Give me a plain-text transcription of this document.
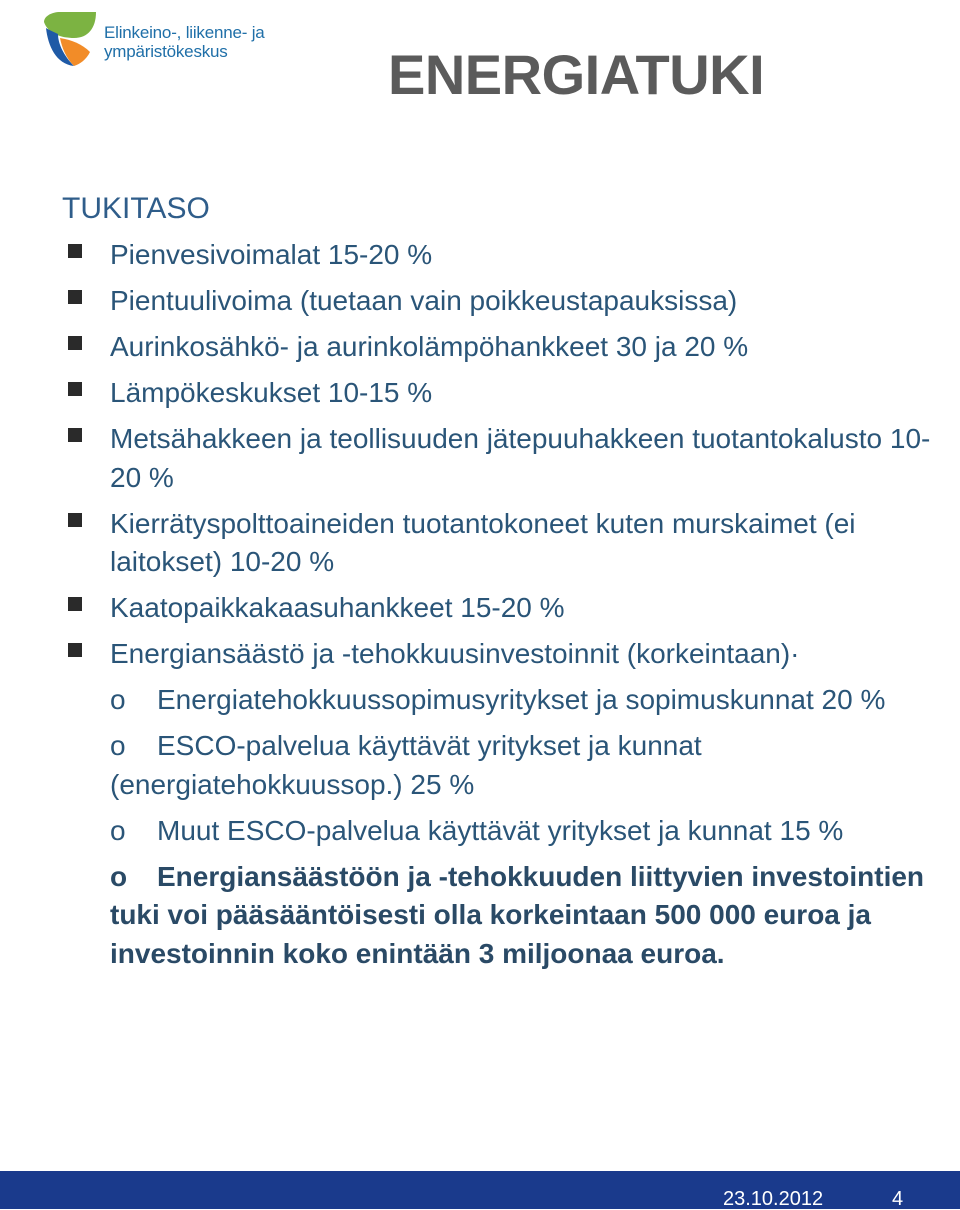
Elinkeino-, liikenne- ja
ympäristökeskus	ENERGIATUKI
TUKITASO
Pienvesivoimalat 15-20 %
Pientuulivoima (tuetaan vain poikkeustapauksissa)
Aurinkosähkö- ja aurinkolämpöhankkeet 30 ja 20 %
Lämpökeskukset 10-15 %
Metsähakkeen ja teollisuuden jätepuuhakkeen tuotantokalusto 10-20 %
Kierrätyspolttoaineiden tuotantokoneet kuten murskaimet (ei laitokset) 10-20 %
Kaatopaikkakaasuhankkeet 15-20 %
Energiansäästö ja -tehokkuusinvestoinnit (korkeintaan)·
o Energiatehokkuussopimusyritykset ja sopimuskunnat 20 %
o ESCO-palvelua käyttävät yritykset ja kunnat (energiatehokkuussop.) 25 %
o Muut ESCO-palvelua käyttävät yritykset ja kunnat 15 %
o Energiansäästöön ja -tehokkuuden liittyvien investointien tuki voi pääsääntöisesti olla korkeintaan 500 000 euroa ja investoinnin koko enintään 3 miljoonaa euroa.
23.10.2012	4
